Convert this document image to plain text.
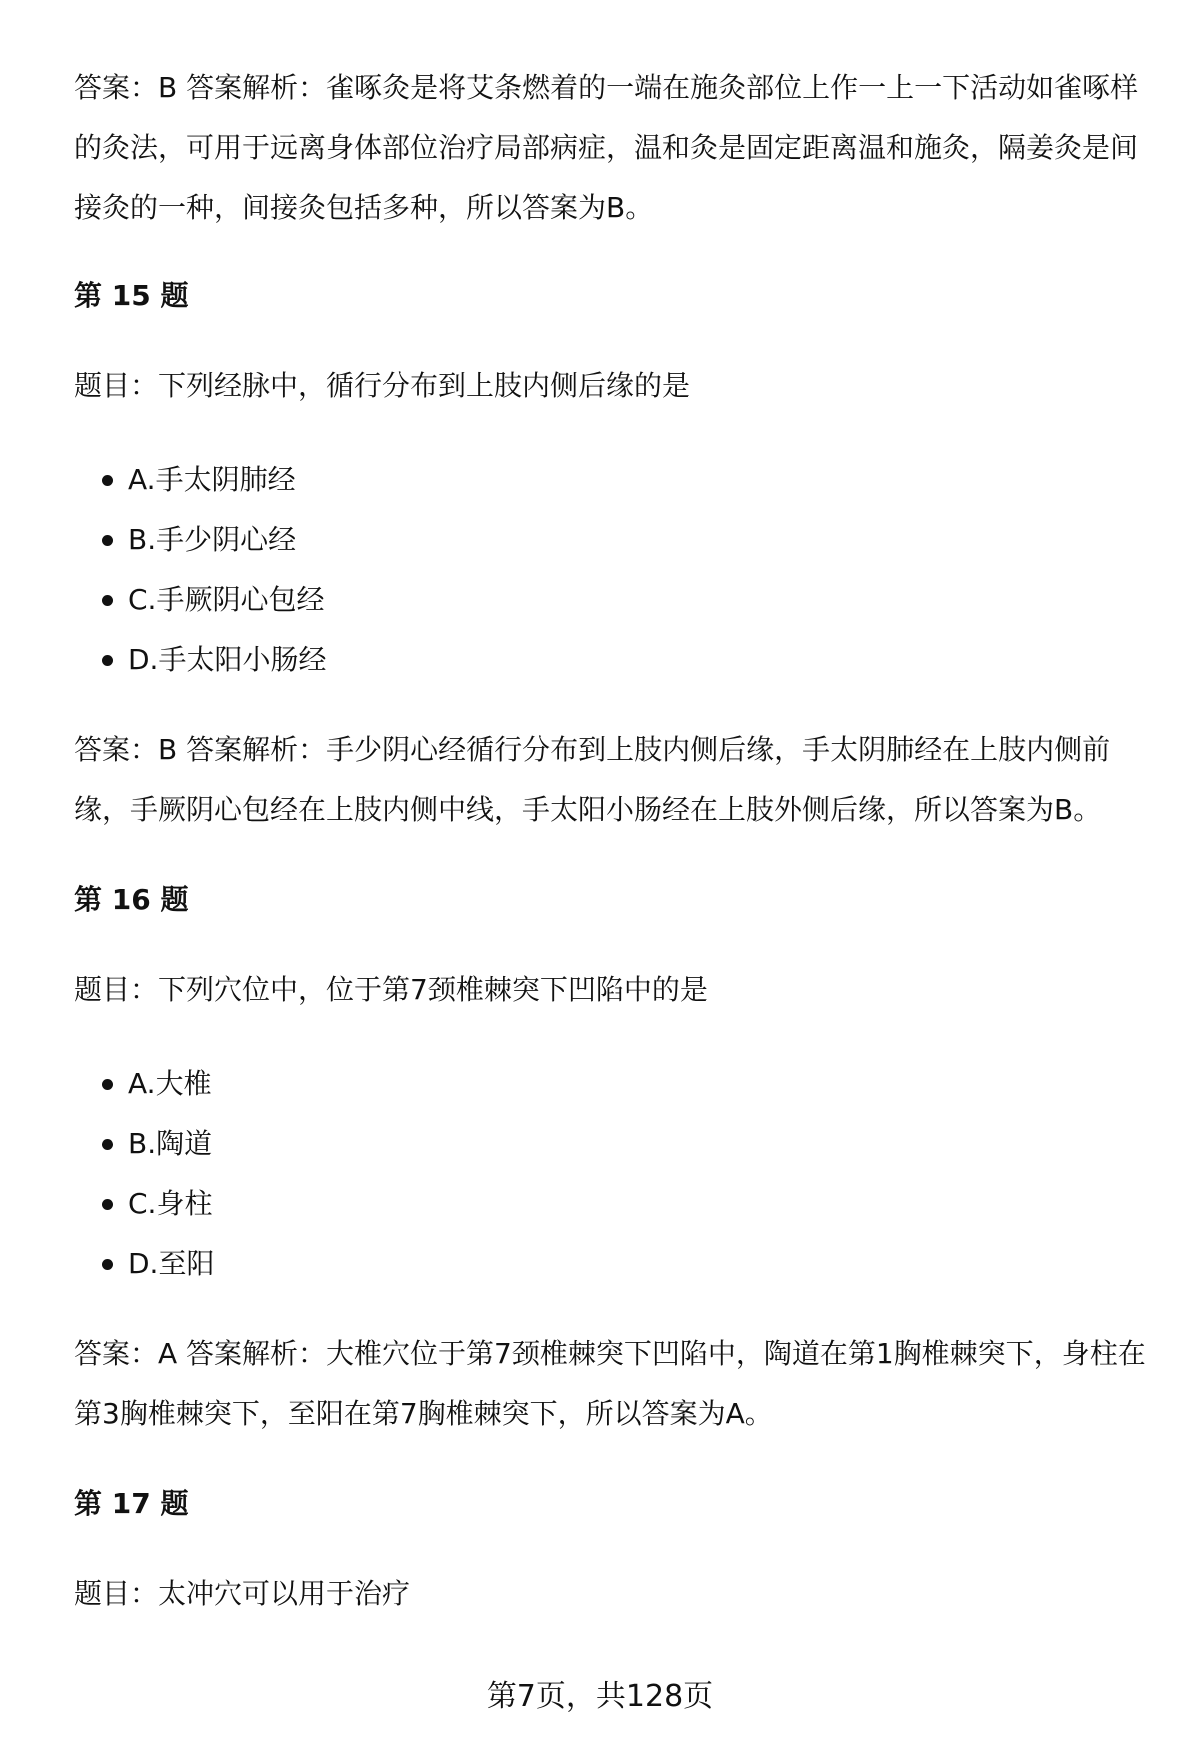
答案：B 答案解析：雀啄灸是将艾条燃着的一端在施灸部位上作一上一下活动如雀啄样的灸法，可用于远离身体部位治疗局部病症，温和灸是固定距离温和施灸，隔姜灸是间接灸的一种，间接灸包括多种，所以答案为B。

第 15 题

题目：下列经脉中，循行分布到上肢内侧后缘的是

A.手太阴肺经
B.手少阴心经
C.手厥阴心包经
D.手太阳小肠经

答案：B 答案解析：手少阴心经循行分布到上肢内侧后缘，手太阴肺经在上肢内侧前缘，手厥阴心包经在上肢内侧中线，手太阳小肠经在上肢外侧后缘，所以答案为B。

第 16 题

题目：下列穴位中，位于第7颈椎棘突下凹陷中的是

A.大椎
B.陶道
C.身柱
D.至阳

答案：A 答案解析：大椎穴位于第7颈椎棘突下凹陷中，陶道在第1胸椎棘突下，身柱在第3胸椎棘突下，至阳在第7胸椎棘突下，所以答案为A。

第 17 题

题目：太冲穴可以用于治疗

第7页，共128页
